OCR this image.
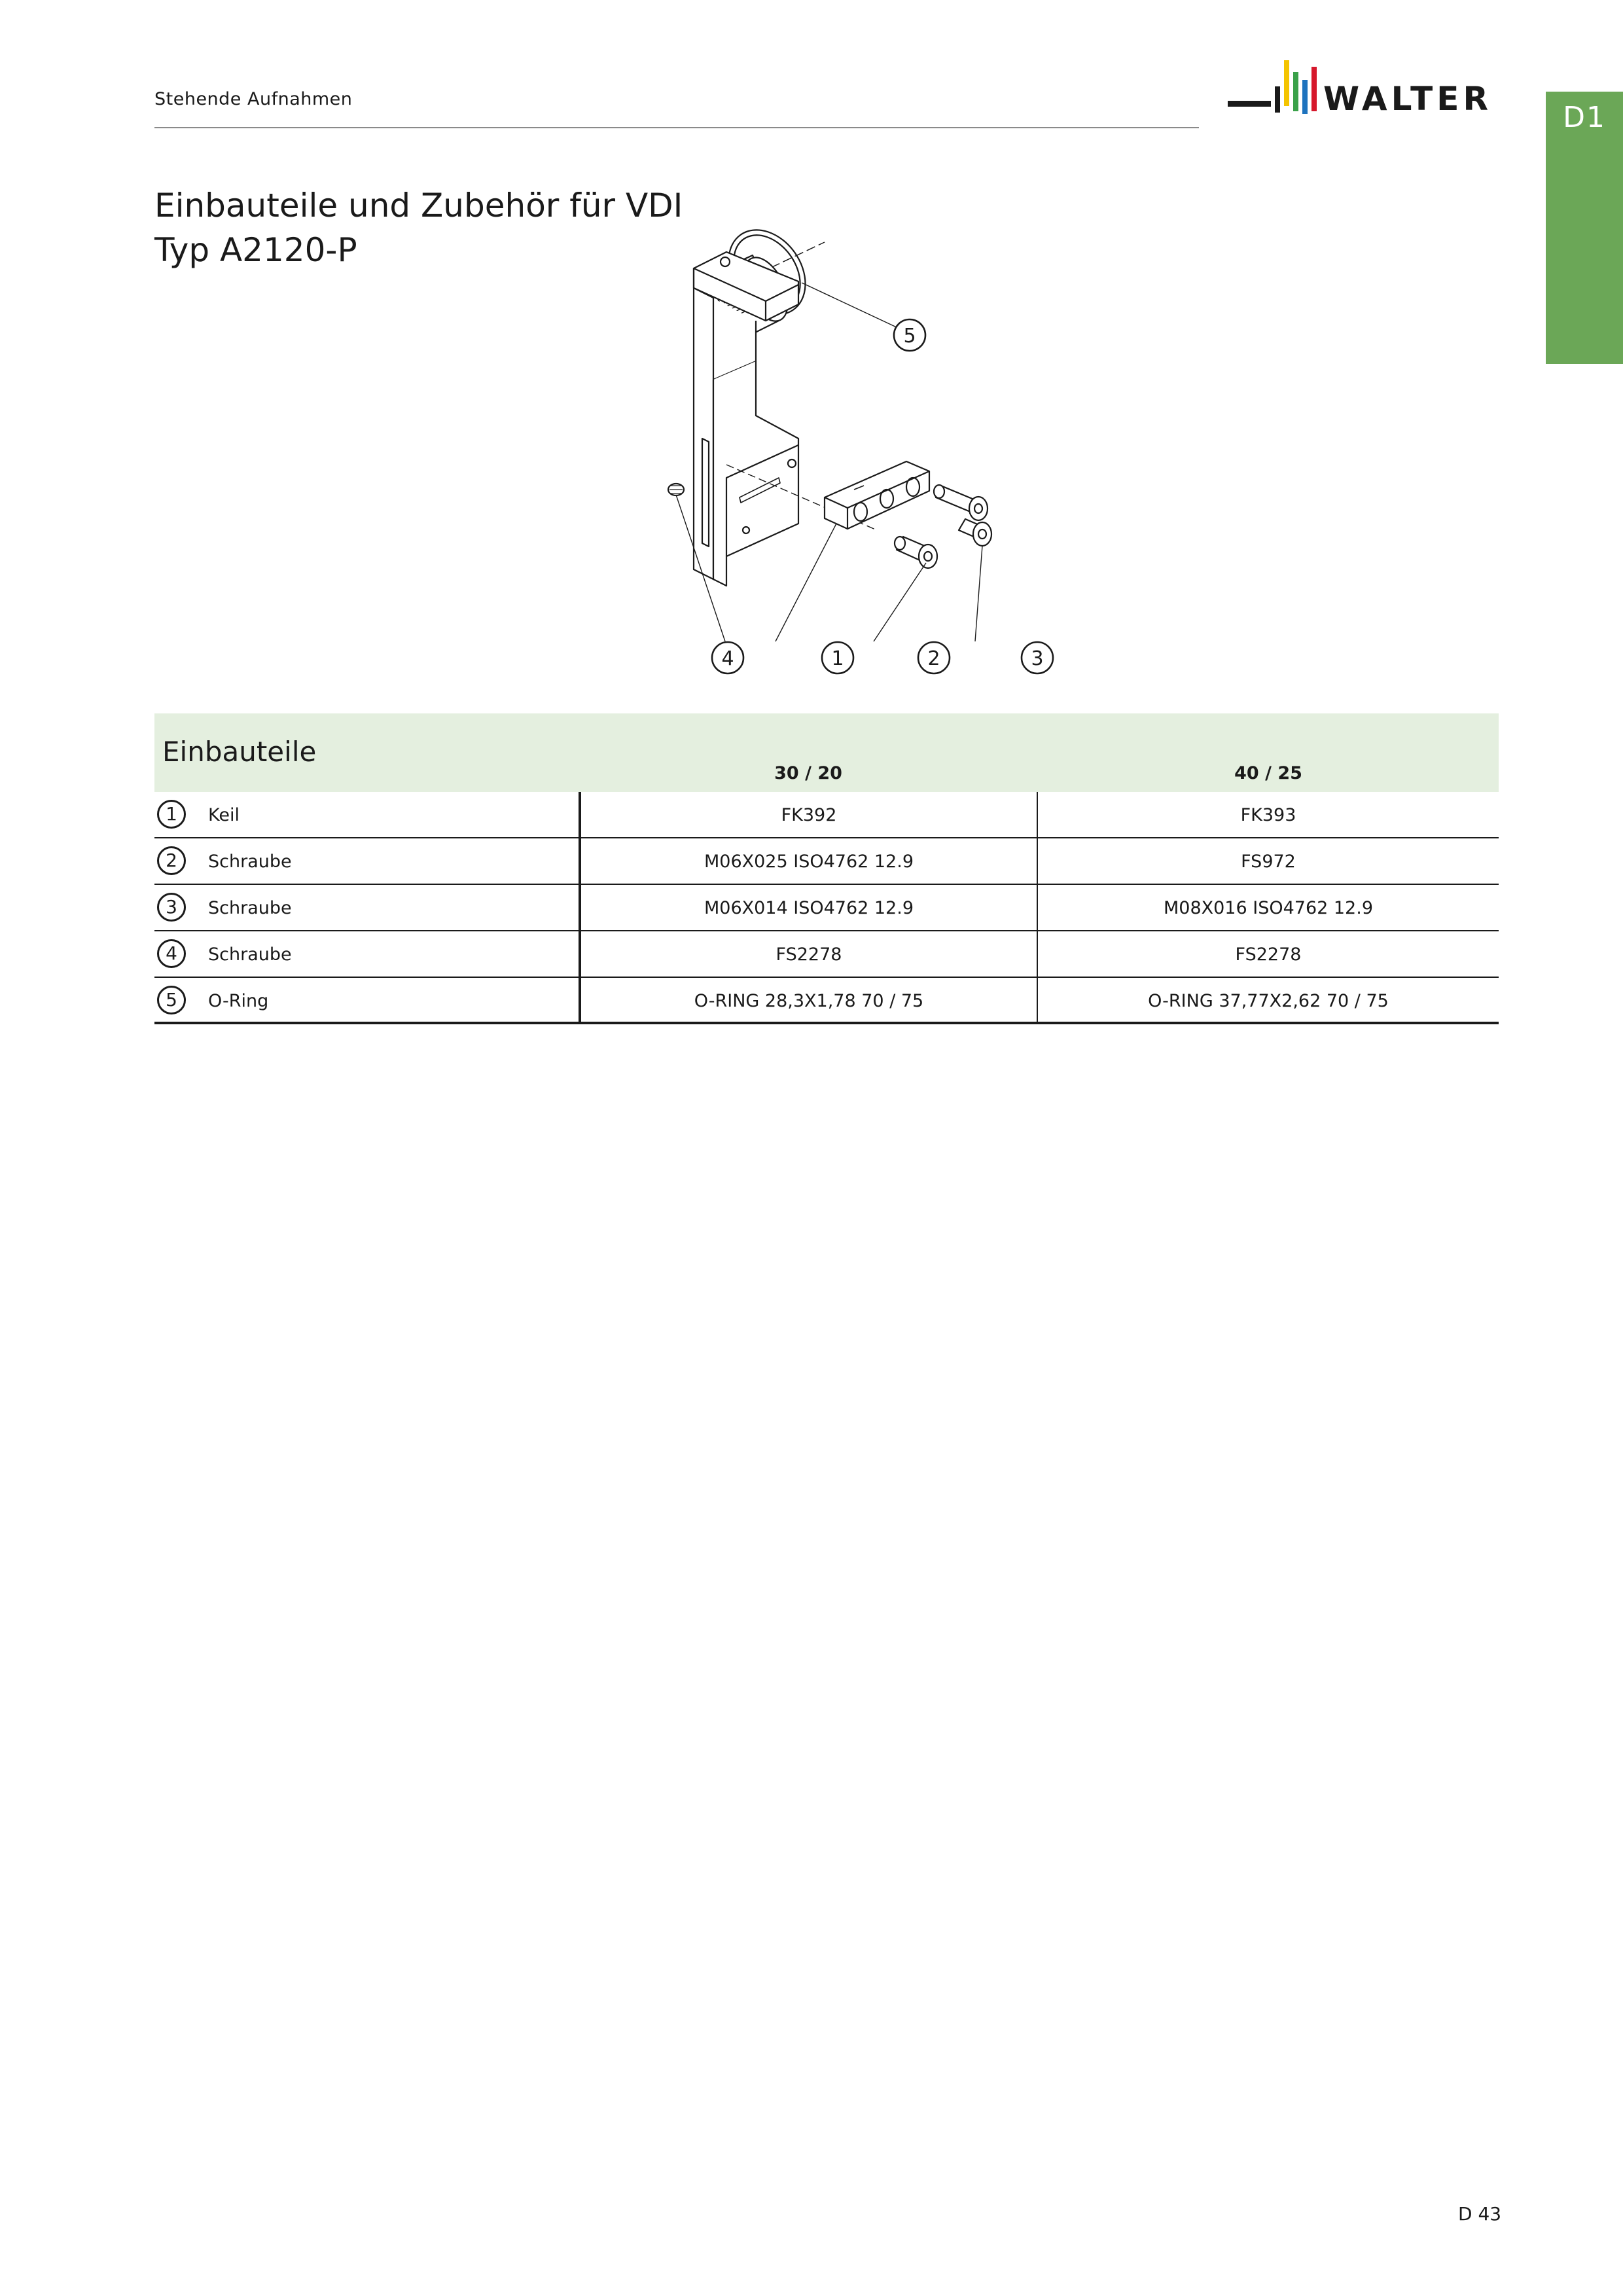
Stehende Aufnahmen	WALTER	D1
Einbauteile und Zubehör für VDI
Typ A2120-P
5
4	1	2	3
Einbauteile
30 / 20	40 / 25
1	Keil	FK392	FK393
2	Schraube	M06X025 ISO4762 12.9	FS972
3	Schraube	M06X014 ISO4762 12.9	M08X016 ISO4762 12.9
4	Schraube	FS2278	FS2278
5	O-Ring	O-RING 28,3X1,78 70 / 75	O-RING 37,77X2,62 70 / 75
D 43
